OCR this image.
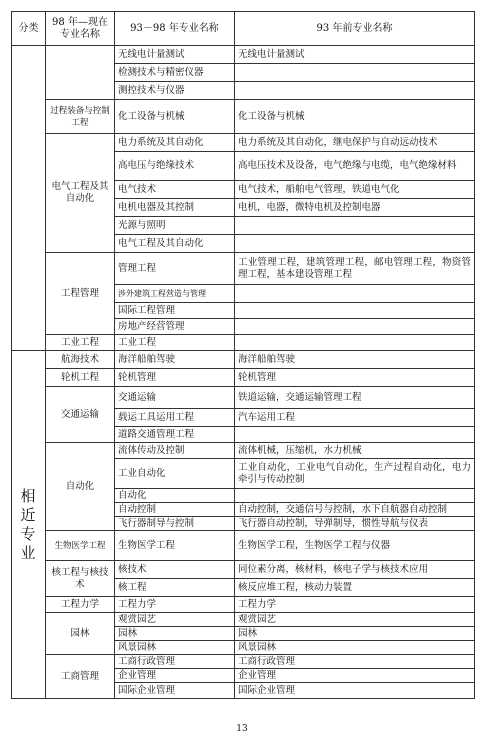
分类	98 年—现在专业名称	93－98 年专业名称	93 年前专业名称
		无线电计量测试	无线电计量测试
		检测技术与精密仪器	
		测控技术与仪器	
	过程装备与控制工程	化工设备与机械	化工设备与机械
	电气工程及其自动化	电力系统及其自动化	电力系统及其自动化，继电保护与自动远动技术
		高电压与绝缘技术	高电压技术及设备，电气绝缘与电缆，电气绝缘材料
		电气技术	电气技术，船舶电气管理，铁道电气化
		电机电器及其控制	电机，电器，微特电机及控制电器
		光源与照明	
		电气工程及其自动化	
	工程管理	管理工程	工业管理工程，建筑管理工程，邮电管理工程，物资管理工程，基本建设管理工程
		涉外建筑工程营造与管理	
		国际工程管理	
		房地产经营管理	
	工业工程	工业工程	
相近专业	航海技术	海洋船舶驾驶	海洋船舶驾驶
	轮机工程	轮机管理	轮机管理
	交通运输	交通运输	铁道运输，交通运输管理工程
		载运工具运用工程	汽车运用工程
		道路交通管理工程	
	自动化	流体传动及控制	流体机械，压缩机，水力机械
		工业自动化	工业自动化，工业电气自动化，生产过程自动化，电力牵引与传动控制
		自动化	
		自动控制	自动控制，交通信号与控制，水下自航器自动控制
		飞行器制导与控制	飞行器自动控制，导弹制导，惯性导航与仪表
	生物医学工程	生物医学工程	生物医学工程，生物医学工程与仪器
	核工程与核技术	核技术	同位素分离，核材料，核电子学与核技术应用
		核工程	核反应堆工程，核动力装置
	工程力学	工程力学	工程力学
	园林	观赏园艺	观赏园艺
		园林	园林
		风景园林	风景园林
	工商管理	工商行政管理	工商行政管理
		企业管理	企业管理
		国际企业管理	国际企业管理
13
